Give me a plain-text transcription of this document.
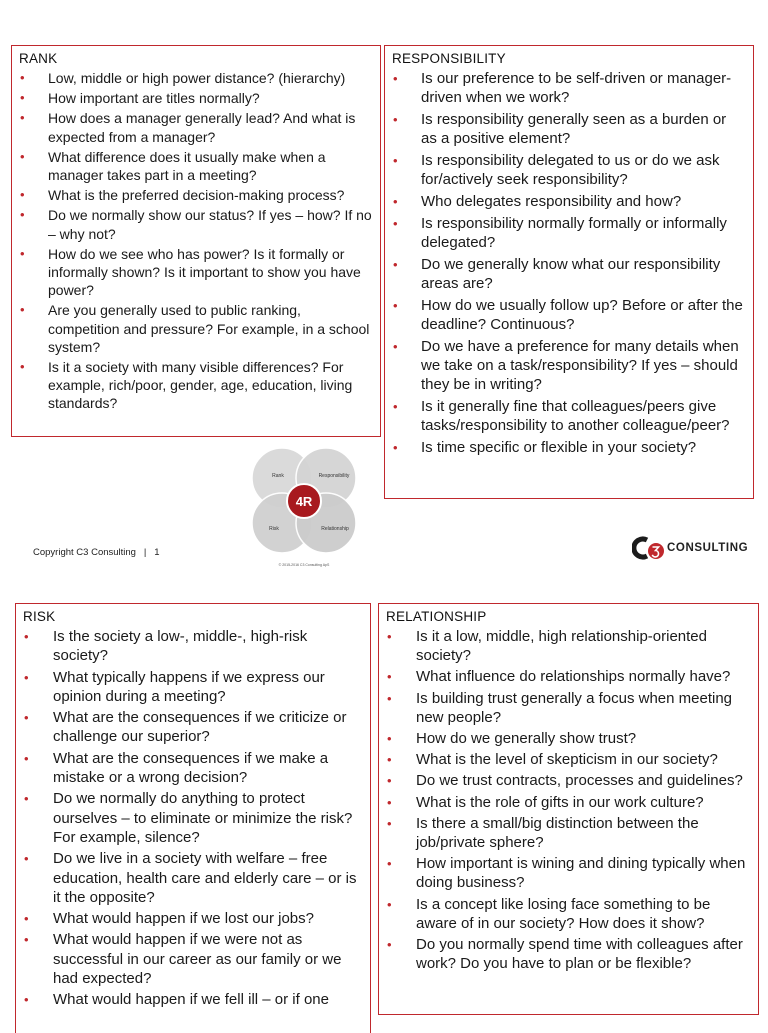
RANK
• Low, middle or high power distance? (hierarchy)
• How important are titles normally?
• How does a manager generally lead? And what is expected from a manager?
• What difference does it usually make when a manager takes part in a meeting?
• What is the preferred decision-making process?
• Do we normally show our status? If yes – how? If no – why not?
• How do we see who has power? Is it formally or informally shown? Is it important to show you have power?
• Are you generally used to public ranking, competition and pressure? For example, in a school system?
• Is it a society with many visible differences? For example, rich/poor, gender, age, education, living standards?
RESPONSIBILITY
• Is our preference to be self-driven or manager-driven when we work?
• Is responsibility generally seen as a burden or as a positive element?
• Is responsibility delegated to us or do we ask for/actively seek responsibility?
• Who delegates responsibility and how?
• Is responsibility normally formally or informally delegated?
• Do we generally know what our responsibility areas are?
• How do we usually follow up? Before or after the deadline? Continuous?
• Do we have a preference for many details when we take on a task/responsibility? If yes – should they be in writing?
• Is it generally fine that colleagues/peers give tasks/responsibility to another colleague/peer?
• Is time specific or flexible in your society?
4R
Rank	Responsibility
Risk	Relationship
© 2015-2016 C3 Consulting ApS
Copyright C3 Consulting   |   1	CONSULTING
RISK
• Is the society a low-, middle-, high-risk society?
• What typically happens if we express our opinion during a meeting?
• What are the consequences if we criticize or challenge our superior?
• What are the consequences if we make a mistake or a wrong decision?
• Do we normally do anything to protect ourselves – to eliminate or minimize the risk? For example, silence?
• Do we live in a society with welfare – free education, health care and elderly care – or is it the opposite?
• What would happen if we lost our jobs?
• What would happen if we were not as successful in our career as our family or we had expected?
• What would happen if we fell ill – or if one
RELATIONSHIP
• Is it a low, middle, high relationship-oriented society?
• What influence do relationships normally have?
• Is building trust generally a focus when meeting new people?
• How do we generally show trust?
• What is the level of skepticism in our society?
• Do we trust contracts, processes and guidelines?
• What is the role of gifts in our work culture?
• Is there a small/big distinction between the job/private sphere?
• How important is wining and dining typically when doing business?
• Is a concept like losing face something to be aware of in our society? How does it show?
• Do you normally spend time with colleagues after work? Do you have to plan or be flexible?
